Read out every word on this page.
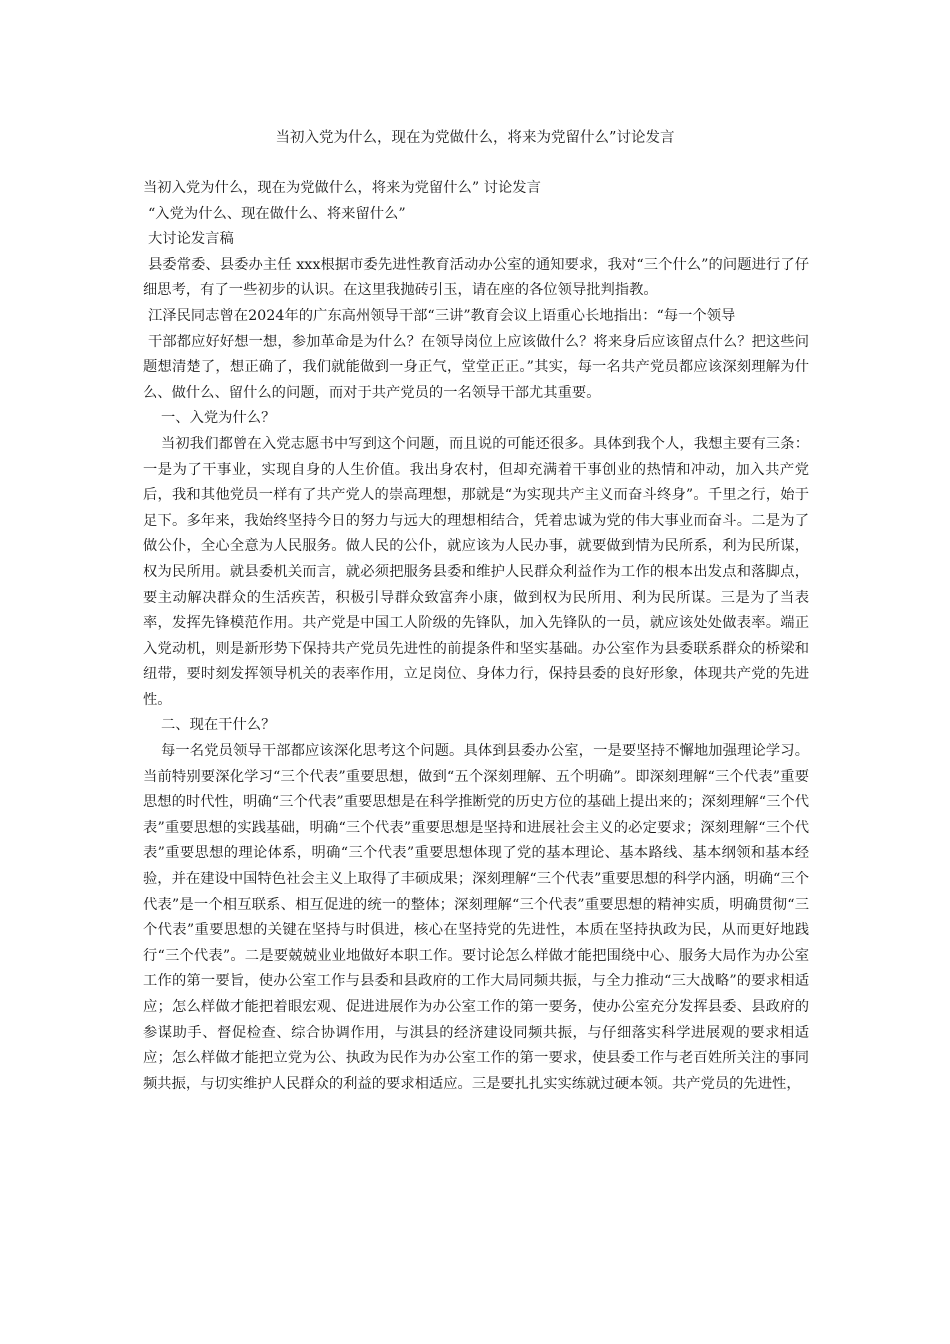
当初入党为什么，现在为党做什么，将来为党留什么”讨论发言

当初入党为什么，现在为党做什么，将来为党留什么” 讨论发言

“入党为什么、现在做什么、将来留什么”

大讨论发言稿

县委常委、县委办主任 xxx根据市委先进性教育活动办公室的通知要求，我对“三个什么”的问题进行了仔细思考，有了一些初步的认识。在这里我抛砖引玉，请在座的各位领导批判指教。

江泽民同志曾在2024年的广东高州领导干部“三讲”教育会议上语重心长地指出：“每一个领导

干部都应好好想一想，参加革命是为什么？在领导岗位上应该做什么？将来身后应该留点什么？把这些问题想清楚了，想正确了，我们就能做到一身正气，堂堂正正。”其实，每一名共产党员都应该深刻理解为什么、做什么、留什么的问题，而对于共产党员的一名领导干部尤其重要。

一、入党为什么？

当初我们都曾在入党志愿书中写到这个问题，而且说的可能还很多。具体到我个人，我想主要有三条：一是为了干事业，实现自身的人生价值。我出身农村，但却充满着干事创业的热情和冲动，加入共产党后，我和其他党员一样有了共产党人的崇高理想，那就是“为实现共产主义而奋斗终身”。千里之行，始于足下。多年来，我始终坚持今日的努力与远大的理想相结合，凭着忠诚为党的伟大事业而奋斗。二是为了做公仆，全心全意为人民服务。做人民的公仆，就应该为人民办事，就要做到情为民所系，利为民所谋，权为民所用。就县委机关而言，就必须把服务县委和维护人民群众利益作为工作的根本出发点和落脚点，要主动解决群众的生活疾苦，积极引导群众致富奔小康，做到权为民所用、利为民所谋。三是为了当表率，发挥先锋模范作用。共产党是中国工人阶级的先锋队，加入先锋队的一员，就应该处处做表率。端正入党动机，则是新形势下保持共产党员先进性的前提条件和坚实基础。办公室作为县委联系群众的桥梁和纽带，要时刻发挥领导机关的表率作用，立足岗位、身体力行，保持县委的良好形象，体现共产党的先进性。

二、现在干什么？

每一名党员领导干部都应该深化思考这个问题。具体到县委办公室，一是要坚持不懈地加强理论学习。当前特别要深化学习“三个代表”重要思想，做到“五个深刻理解、五个明确”。即深刻理解“三个代表”重要思想的时代性，明确“三个代表”重要思想是在科学推断党的历史方位的基础上提出来的；深刻理解“三个代表”重要思想的实践基础，明确“三个代表”重要思想是坚持和进展社会主义的必定要求；深刻理解“三个代表”重要思想的理论体系，明确“三个代表”重要思想体现了党的基本理论、基本路线、基本纲领和基本经验，并在建设中国特色社会主义上取得了丰硕成果；深刻理解“三个代表”重要思想的科学内涵，明确“三个代表”是一个相互联系、相互促进的统一的整体；深刻理解“三个代表”重要思想的精神实质，明确贯彻“三个代表”重要思想的关键在坚持与时俱进，核心在坚持党的先进性，本质在坚持执政为民，从而更好地践行“三个代表”。二是要兢兢业业地做好本职工作。要讨论怎么样做才能把围绕中心、服务大局作为办公室工作的第一要旨，使办公室工作与县委和县政府的工作大局同频共振，与全力推动“三大战略”的要求相适应；怎么样做才能把着眼宏观、促进进展作为办公室工作的第一要务，使办公室充分发挥县委、县政府的参谋助手、督促检查、综合协调作用，与淇县的经济建设同频共振，与仔细落实科学进展观的要求相适应；怎么样做才能把立党为公、执政为民作为办公室工作的第一要求，使县委工作与老百姓所关注的事同频共振，与切实维护人民群众的利益的要求相适应。三是要扎扎实实练就过硬本领。共产党员的先进性，
